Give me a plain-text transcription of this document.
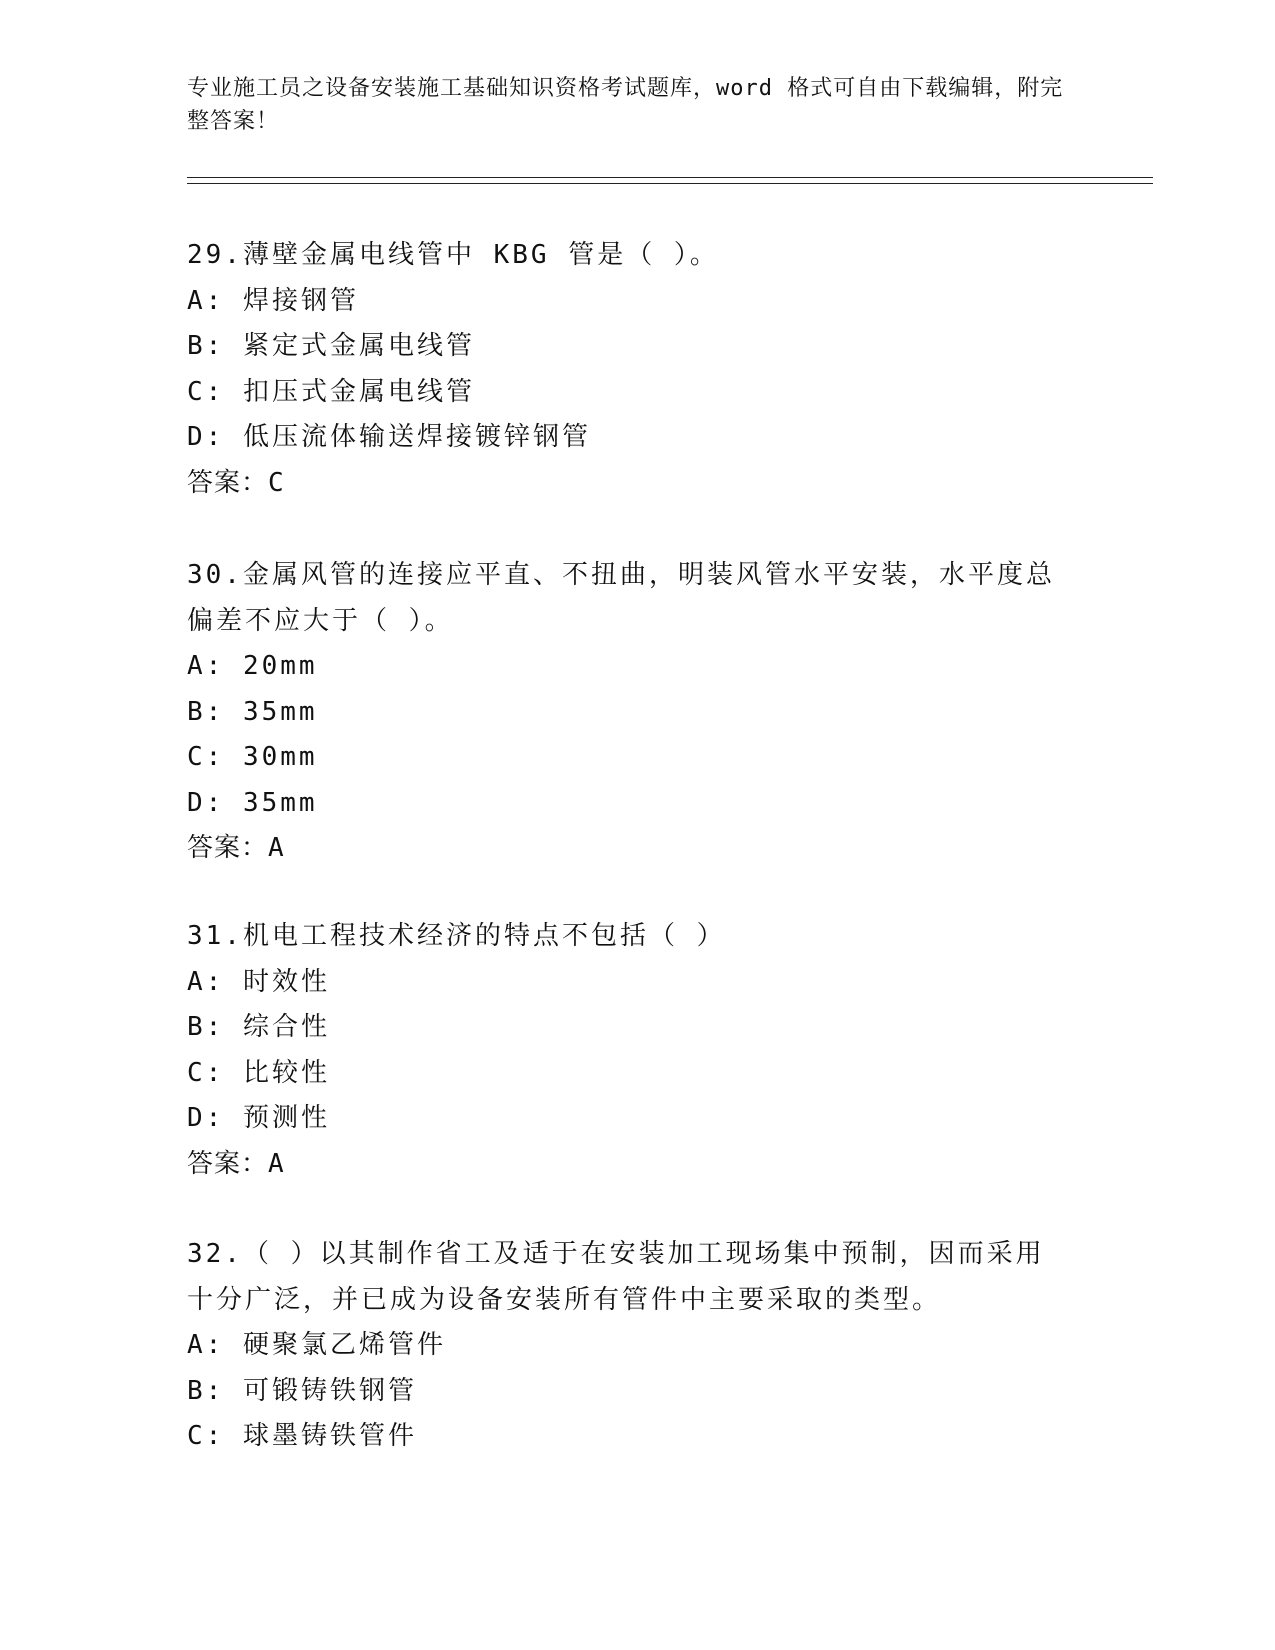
专业施工员之设备安装施工基础知识资格考试题库，word 格式可自由下载编辑，附完整答案！
29.薄壁金属电线管中 KBG 管是（ ）。
A: 焊接钢管
B: 紧定式金属电线管
C: 扣压式金属电线管
D: 低压流体输送焊接镀锌钢管
答案：C
30.金属风管的连接应平直、不扭曲，明装风管水平安装，水平度总偏差不应大于（ ）。
A: 20mm
B: 35mm
C: 30mm
D: 35mm
答案：A
31.机电工程技术经济的特点不包括（ ）
A: 时效性
B: 综合性
C: 比较性
D: 预测性
答案：A
32.（ ）以其制作省工及适于在安装加工现场集中预制，因而采用十分广泛，并已成为设备安装所有管件中主要采取的类型。
A: 硬聚氯乙烯管件
B: 可锻铸铁钢管
C: 球墨铸铁管件
